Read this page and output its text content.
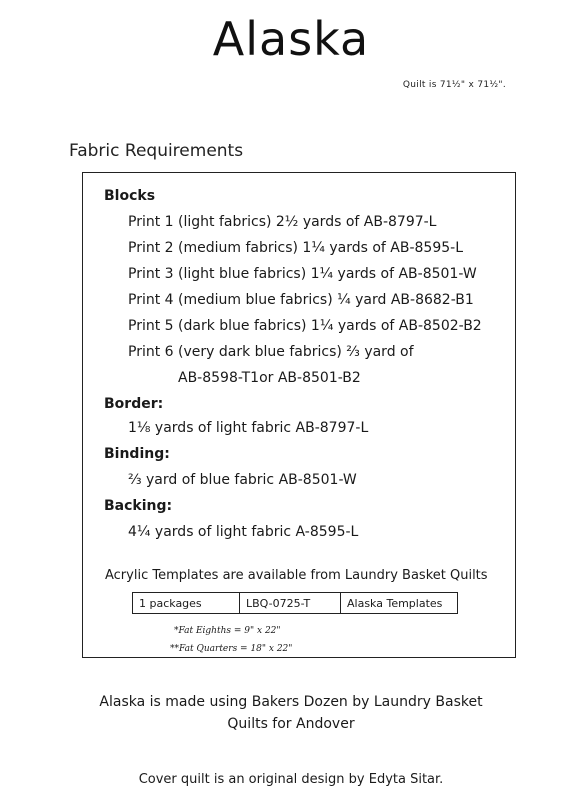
Alaska
Quilt is 71½" x 71½".
Fabric Requirements
Blocks
Print 1 (light fabrics) 2½ yards of AB-8797-L
Print 2 (medium fabrics) 1¼ yards of AB-8595-L
Print 3 (light blue fabrics) 1¼ yards of AB-8501-W
Print 4 (medium blue fabrics) ¼ yard AB-8682-B1
Print 5 (dark blue fabrics) 1¼ yards of AB-8502-B2
Print 6 (very dark blue fabrics) ⅔ yard of
AB-8598-T1or AB-8501-B2
Border:
1⅛ yards of light fabric AB-8797-L
Binding:
⅔ yard of blue fabric AB-8501-W
Backing:
4¼ yards of light fabric A-8595-L
Acrylic Templates are available from Laundry Basket Quilts
1 packages	LBQ-0725-T	Alaska Templates
*Fat Eighths = 9" x 22"
**Fat Quarters = 18" x 22"
Alaska is made using Bakers Dozen by Laundry Basket
Quilts for Andover
Cover quilt is an original design by Edyta Sitar.
